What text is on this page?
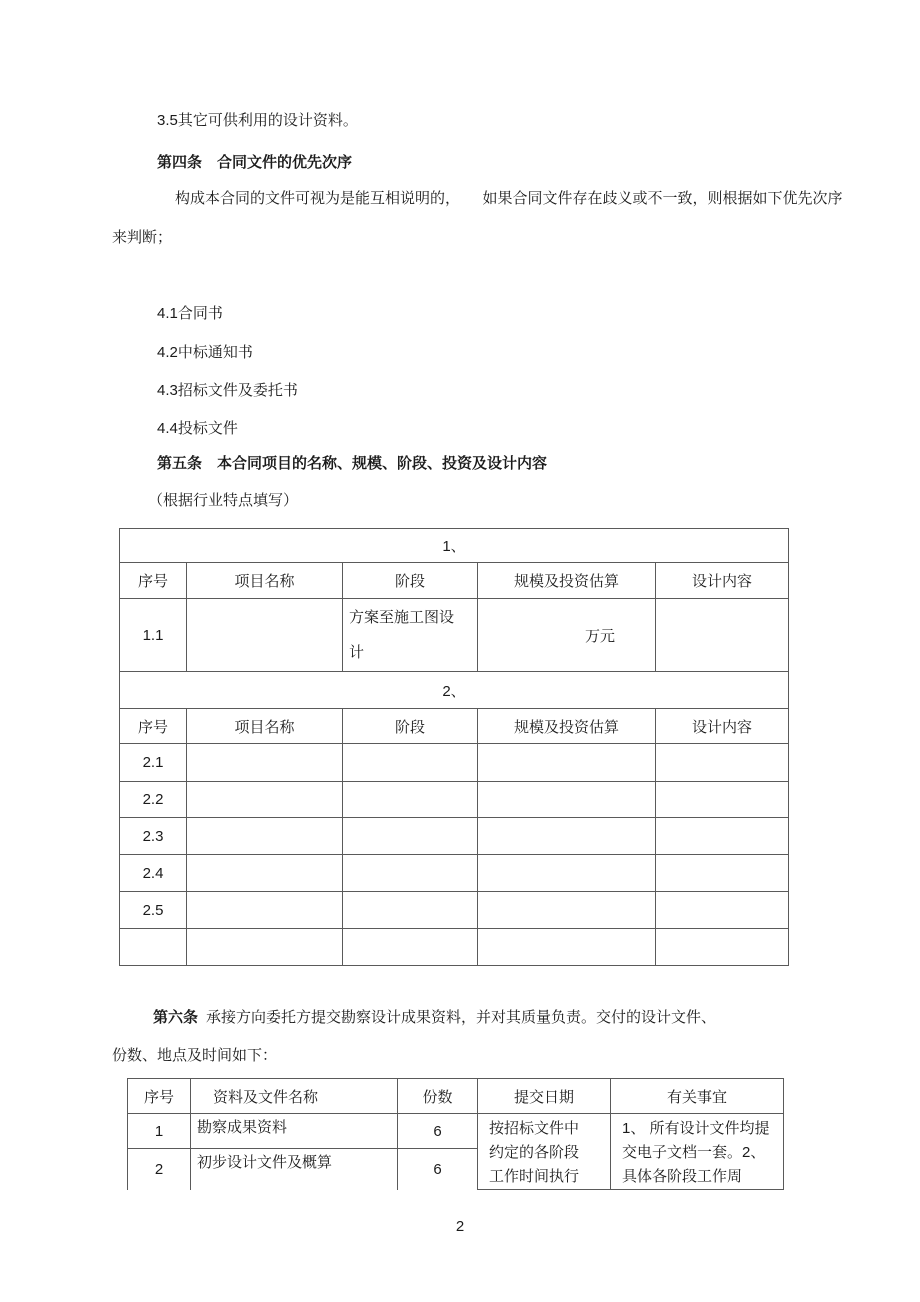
3.5其它可供利用的设计资料。
第四条　合同文件的优先次序
构成本合同的文件可视为是能互相说明的，　　如果合同文件存在歧义或不一致，则根据如下优先次序
来判断；
4.1合同书
4.2中标通知书
4.3招标文件及委托书
4.4投标文件
第五条　本合同项目的名称、规模、阶段、投资及设计内容
（根据行业特点填写）
1、				
序号	项目名称	阶段	规模及投资估算	设计内容
1.1		方案至施工图设计	万元	
2、				
序号	项目名称	阶段	规模及投资估算	设计内容
2.1				
2.2				
2.3				
2.4				
2.5				

第六条 承接方向委托方提交勘察设计成果资料，并对其质量负责。交付的设计文件、
份数、地点及时间如下：
序号	资料及文件名称	份数	提交日期	有关事宜
1	勘察成果资料	6	按招标文件中约定的各阶段工作时间执行	1、 所有设计文件均提交电子文档一套。2、 具体各阶段工作周

2	初步设计文件及概算	6		
2
